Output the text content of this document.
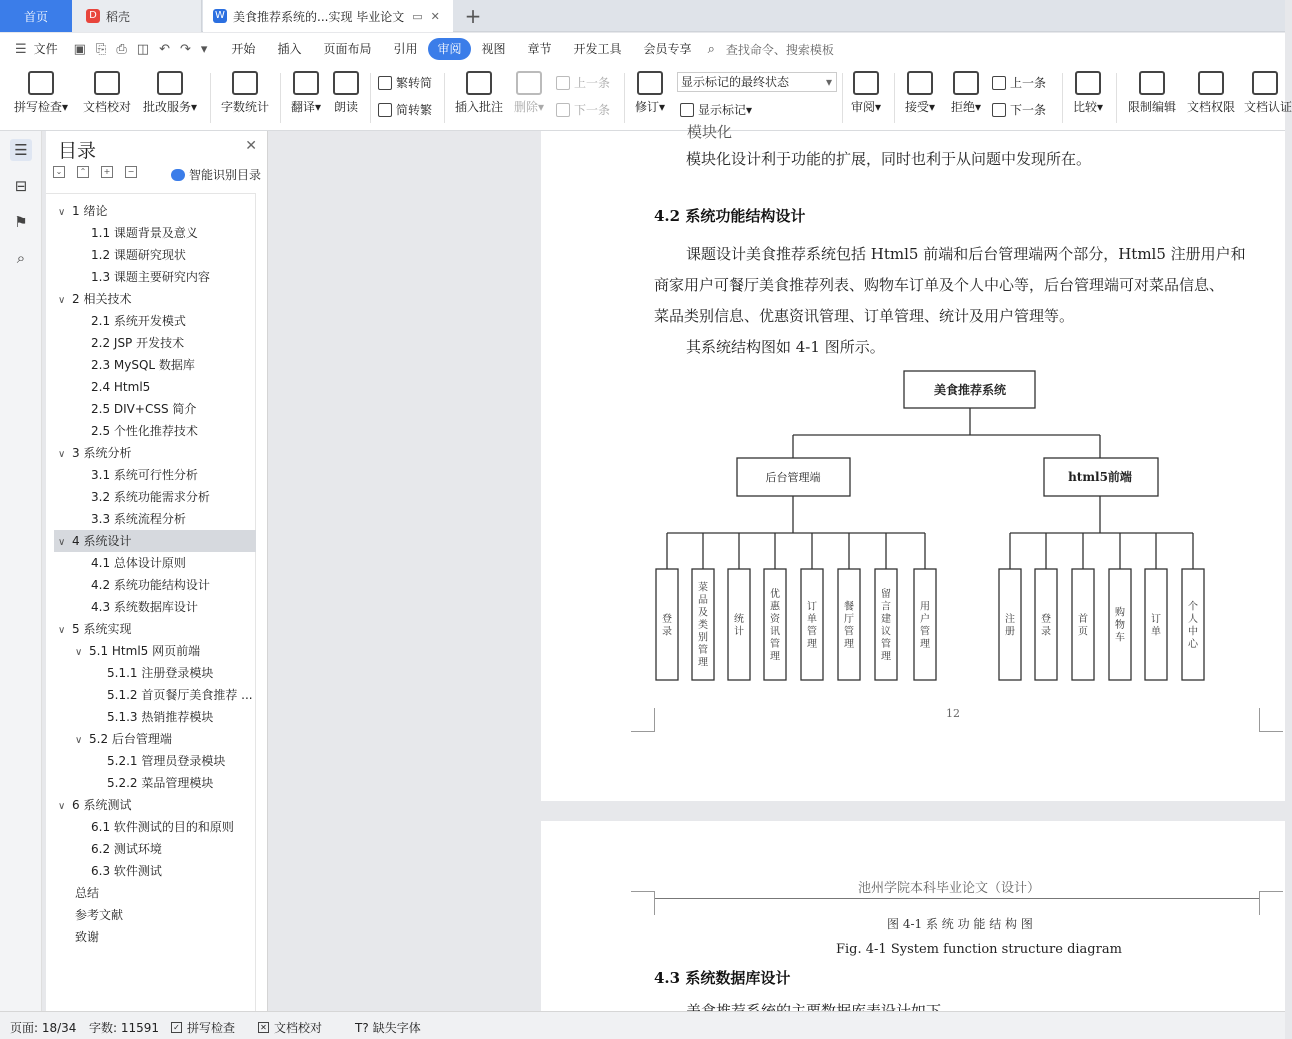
首页	D 稻壳	W 美食推荐系统的...实现 毕业论文 ▭ ✕ +
☰ 文件	▣ ⎘ ⎙ ◫ ↶ ↷ ▾	开始	插入	页面布局	引用	审阅	视图	章节	开发工具	会员专享	⌕ 查找命令、搜索模板
拼写检查▾	文档校对 批改服务▾ 字数统计	翻译▾	朗读
繁转简
简转繁 插入批注 删除▾
上一条
下一条	修订▾
显示标记的最终状态	▾
显示标记 ▾	审阅▾	接受▾	拒绝▾
上一条
下一条	比较▾	限制编辑 文档权限 文档认证
☰
⊟
⚑
⌕
目录	✕
⌄	⌃	+	−	智能识别目录
∨ 1 绪论
1.1 课题背景及意义
1.2 课题研究现状
1.3 课题主要研究内容
∨ 2 相关技术
2.1 系统开发模式
2.2 JSP 开发技术
2.3 MySQL 数据库
2.4 Html5
2.5 DIV+CSS 简介
2.5 个性化推荐技术
∨ 3 系统分析
3.1 系统可行性分析
3.2 系统功能需求分析
3.3 系统流程分析
∨ 4 系统设计
4.1 总体设计原则
4.2 系统功能结构设计
4.3 系统数据库设计
∨ 5 系统实现
∨ 5.1 Html5 网页前端
5.1.1 注册登录模块
5.1.2 首页餐厅美食推荐 ...
5.1.3 热销推荐模块
∨ 5.2 后台管理端
5.2.1 管理员登录模块
5.2.2 菜品管理模块
∨ 6 系统测试
6.1 软件测试的目的和原则
6.2 测试环境
6.3 软件测试
总结
参考文献
致谢
模块化
模块化设计利于功能的扩展，同时也利于从问题中发现所在。
4.2 系统功能结构设计
课题设计美食推荐系统包括 Html5 前端和后台管理端两个部分，Html5 注册用户和
商家用户可餐厅美食推荐列表、购物车订单及个人中心等，后台管理端可对菜品信息、
菜品类别信息、优惠资讯管理、订单管理、统计及用户管理等。
其系统结构图如 4-1 图所示。
美食推荐系统
后台管理端	html5前端
登
录
菜
品
及
类
别
管
理
统
计
优
惠
资
讯
管
理
订
单
管
理
餐
厅
管
理
留
言
建
议
管
理
用
户
管
理
注
册
登
录
首
页
购
物
车
订
单
个
人
中
心
12
池州学院本科毕业论文（设计）
图 4-1 系 统 功 能 结 构 图
Fig. 4-1 System function structure diagram
4.3 系统数据库设计
页面: 18/34 字数: 11591 ✓ 拼写检查	✕ 文档校对	T? 缺失字体
